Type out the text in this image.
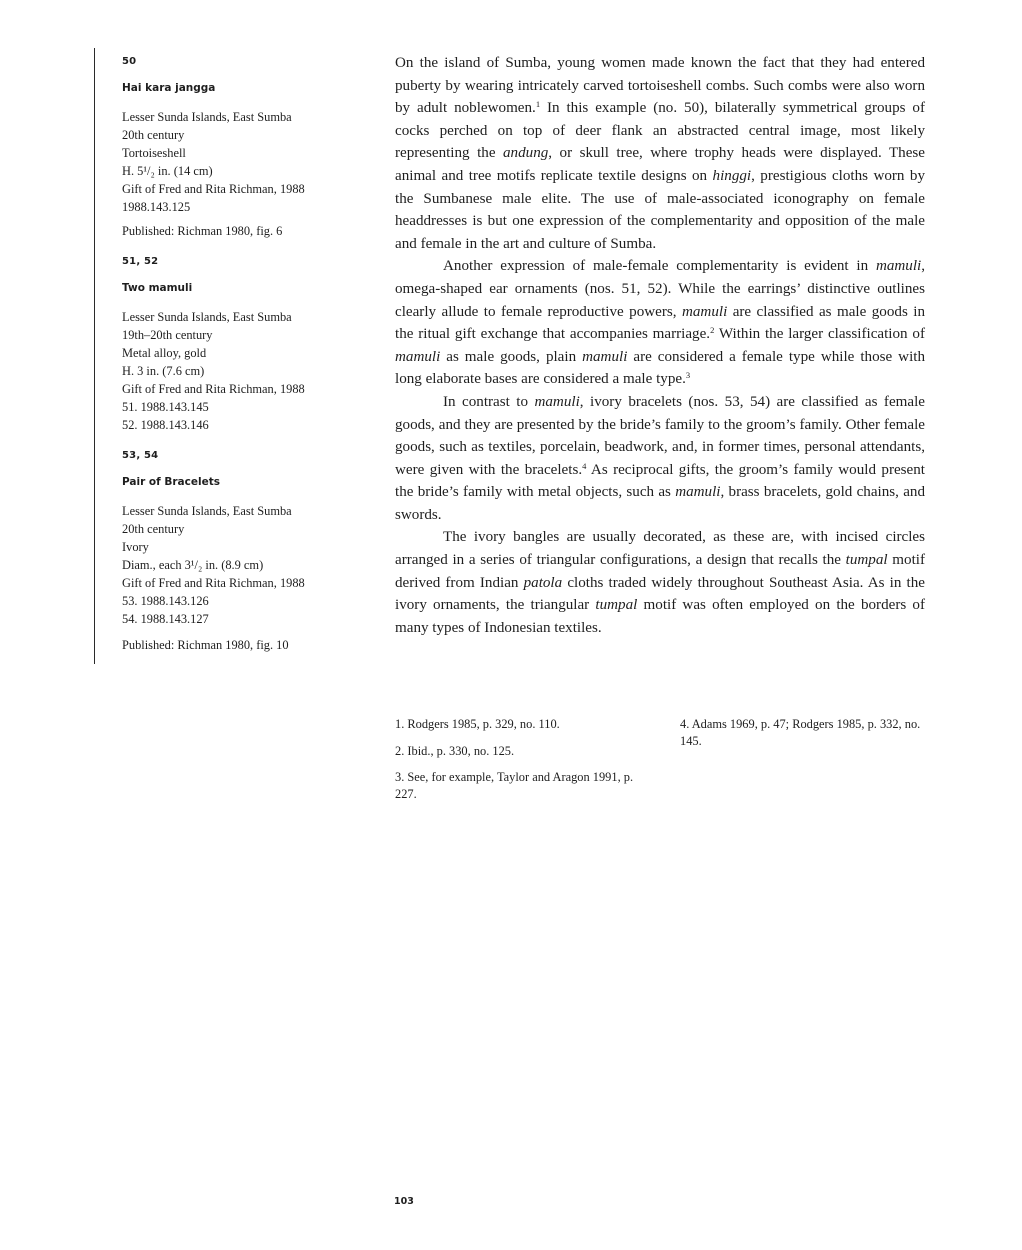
50

Hai kara jangga

Lesser Sunda Islands, East Sumba

20th century

Tortoiseshell

H. 5¹/₂ in. (14 cm)

Gift of Fred and Rita Richman, 1988

1988.143.125

Published: Richman 1980, fig. 6

51, 52

Two mamuli

Lesser Sunda Islands, East Sumba

19th–20th century

Metal alloy, gold

H. 3 in. (7.6 cm)

Gift of Fred and Rita Richman, 1988

51. 1988.143.145

52. 1988.143.146

53, 54

Pair of Bracelets

Lesser Sunda Islands, East Sumba

20th century

Ivory

Diam., each 3¹/₂ in. (8.9 cm)

Gift of Fred and Rita Richman, 1988

53. 1988.143.126

54. 1988.143.127

Published: Richman 1980, fig. 10

On the island of Sumba, young women made known the fact that they had entered puberty by wearing intricately carved tortoiseshell combs. Such combs were also worn by adult noblewomen.$^1$ In this example (no. 50), bilaterally symmetrical groups of cocks perched on top of deer flank an abstracted central image, most likely representing the andung, or skull tree, where trophy heads were displayed. These animal and tree motifs replicate textile designs on hinggi, prestigious cloths worn by the Sumbanese male elite. The use of male-associated iconography on female headdresses is but one expression of the complementarity and opposition of the male and female in the art and culture of Sumba.

Another expression of male-female complementarity is evident in mamuli, omega-shaped ear ornaments (nos. 51, 52). While the earrings’ distinctive outlines clearly allude to female reproductive powers, mamuli are classified as male goods in the ritual gift exchange that accompanies marriage.$^2$ Within the larger classification of mamuli as male goods, plain mamuli are considered a female type while those with long elaborate bases are considered a male type.$^3$

In contrast to mamuli, ivory bracelets (nos. 53, 54) are classified as female goods, and they are presented by the bride’s family to the groom’s family. Other female goods, such as textiles, porcelain, beadwork, and, in former times, personal attendants, were given with the bracelets.$^4$ As reciprocal gifts, the groom’s family would present the bride’s family with metal objects, such as mamuli, brass bracelets, gold chains, and swords.

The ivory bangles are usually decorated, as these are, with incised circles arranged in a series of triangular configurations, a design that recalls the tumpal motif derived from Indian patola cloths traded widely throughout Southeast Asia. As in the ivory ornaments, the triangular tumpal motif was often employed on the borders of many types of Indonesian textiles.

1. Rodgers 1985, p. 329, no. 110.

2. Ibid., p. 330, no. 125.

3. See, for example, Taylor and Aragon 1991, p. 227.

4. Adams 1969, p. 47; Rodgers 1985, p. 332, no. 145.

103
